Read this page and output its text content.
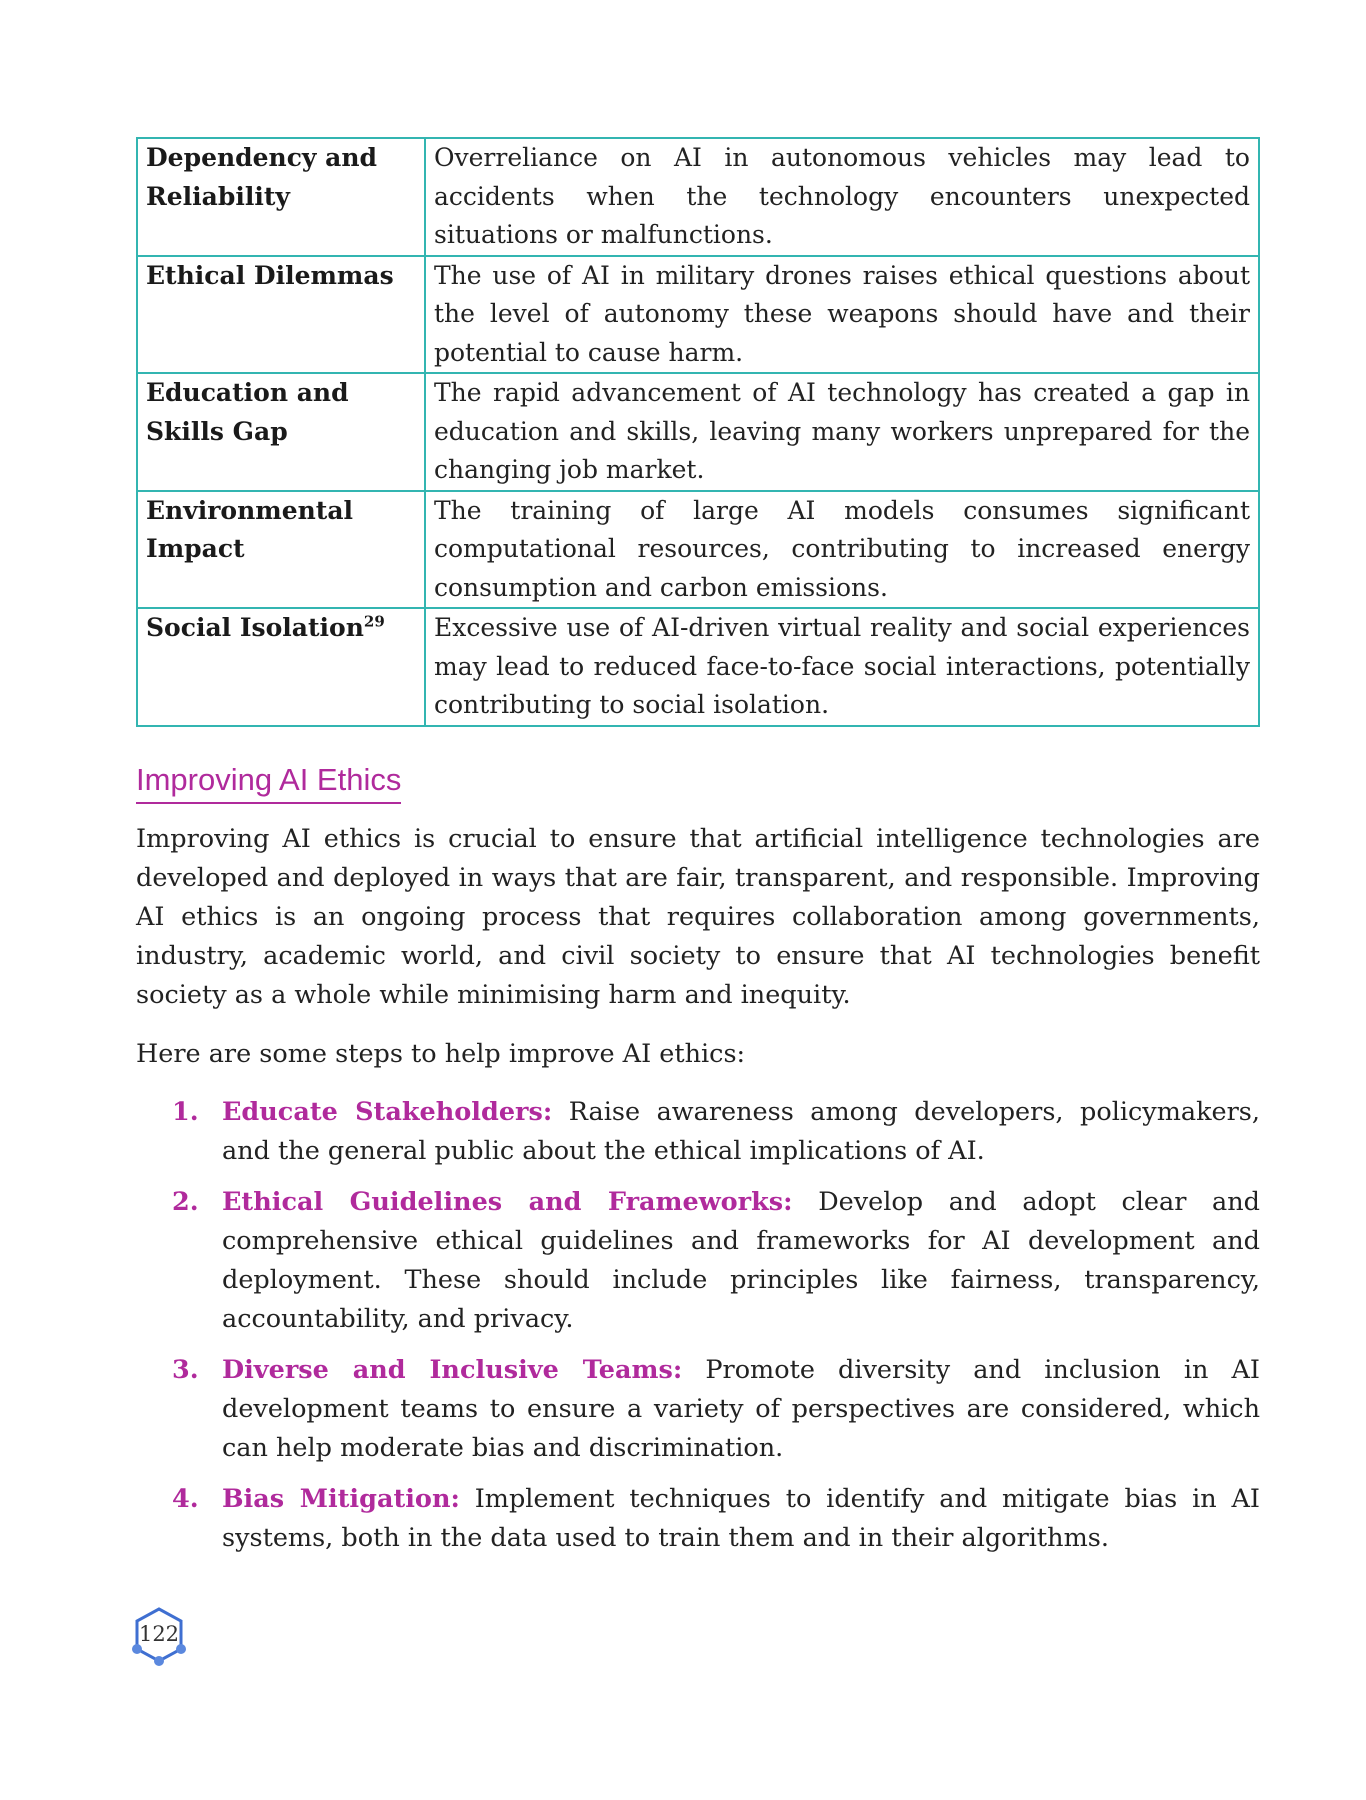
Dependency and Reliability	Overreliance on AI in autonomous vehicles may lead to accidents when the technology encounters unexpected situations or malfunctions.
Ethical Dilemmas	The use of AI in military drones raises ethical questions about the level of autonomy these weapons should have and their potential to cause harm.
Education and Skills Gap	The rapid advancement of AI technology has created a gap in education and skills, leaving many workers unprepared for the changing job market.
Environmental Impact	The training of large AI models consumes significant computational resources, contributing to increased energy consumption and carbon emissions.
Social Isolation$^{29}$	Excessive use of AI-driven virtual reality and social experiences may lead to reduced face-to-face social interactions, potentially contributing to social isolation.
Improving AI Ethics

Improving AI ethics is crucial to ensure that artificial intelligence technologies are developed and deployed in ways that are fair, transparent, and responsible. Improving AI ethics is an ongoing process that requires collaboration among governments, industry, academic world, and civil society to ensure that AI technologies benefit society as a whole while minimising harm and inequity.

Here are some steps to help improve AI ethics:

1. Educate Stakeholders: Raise awareness among developers, policymakers, and the general public about the ethical implications of AI.
2. Ethical Guidelines and Frameworks: Develop and adopt clear and comprehensive ethical guidelines and frameworks for AI development and deployment. These should include principles like fairness, transparency, accountability, and privacy.
3. Diverse and Inclusive Teams: Promote diversity and inclusion in AI development teams to ensure a variety of perspectives are considered, which can help moderate bias and discrimination.
4. Bias Mitigation: Implement techniques to identify and mitigate bias in AI systems, both in the data used to train them and in their algorithms.
122
